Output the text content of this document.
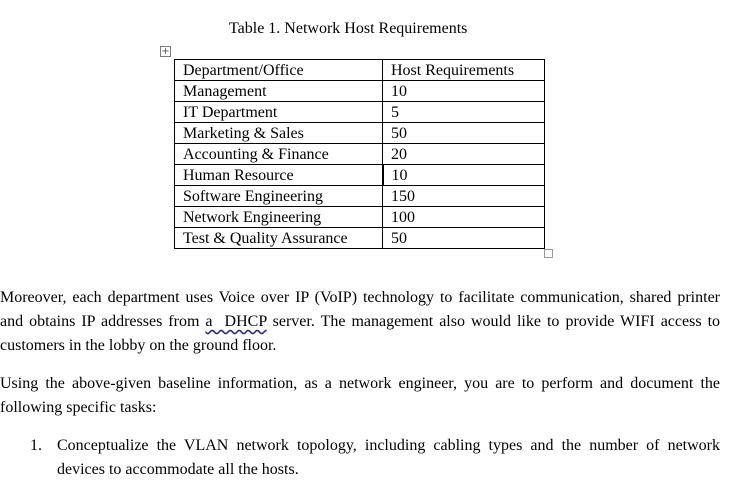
Table 1. Network Host Requirements
+
Department/Office	Host Requirements
Management	10
IT Department	5
Marketing & Sales	50
Accounting & Finance	20
Human Resource	10
Software Engineering	150
Network Engineering	100
Test & Quality Assurance	50
Moreover, each department uses Voice over IP (VoIP) technology to facilitate communication, shared printer and obtains IP addresses from a  DHCP server. The management also would like to provide WIFI access to customers in the lobby on the ground floor.
Using the above-given baseline information, as a network engineer, you are to perform and document the following specific tasks:
1. Conceptualize the VLAN network topology, including cabling types and the number of network devices to accommodate all the hosts.
